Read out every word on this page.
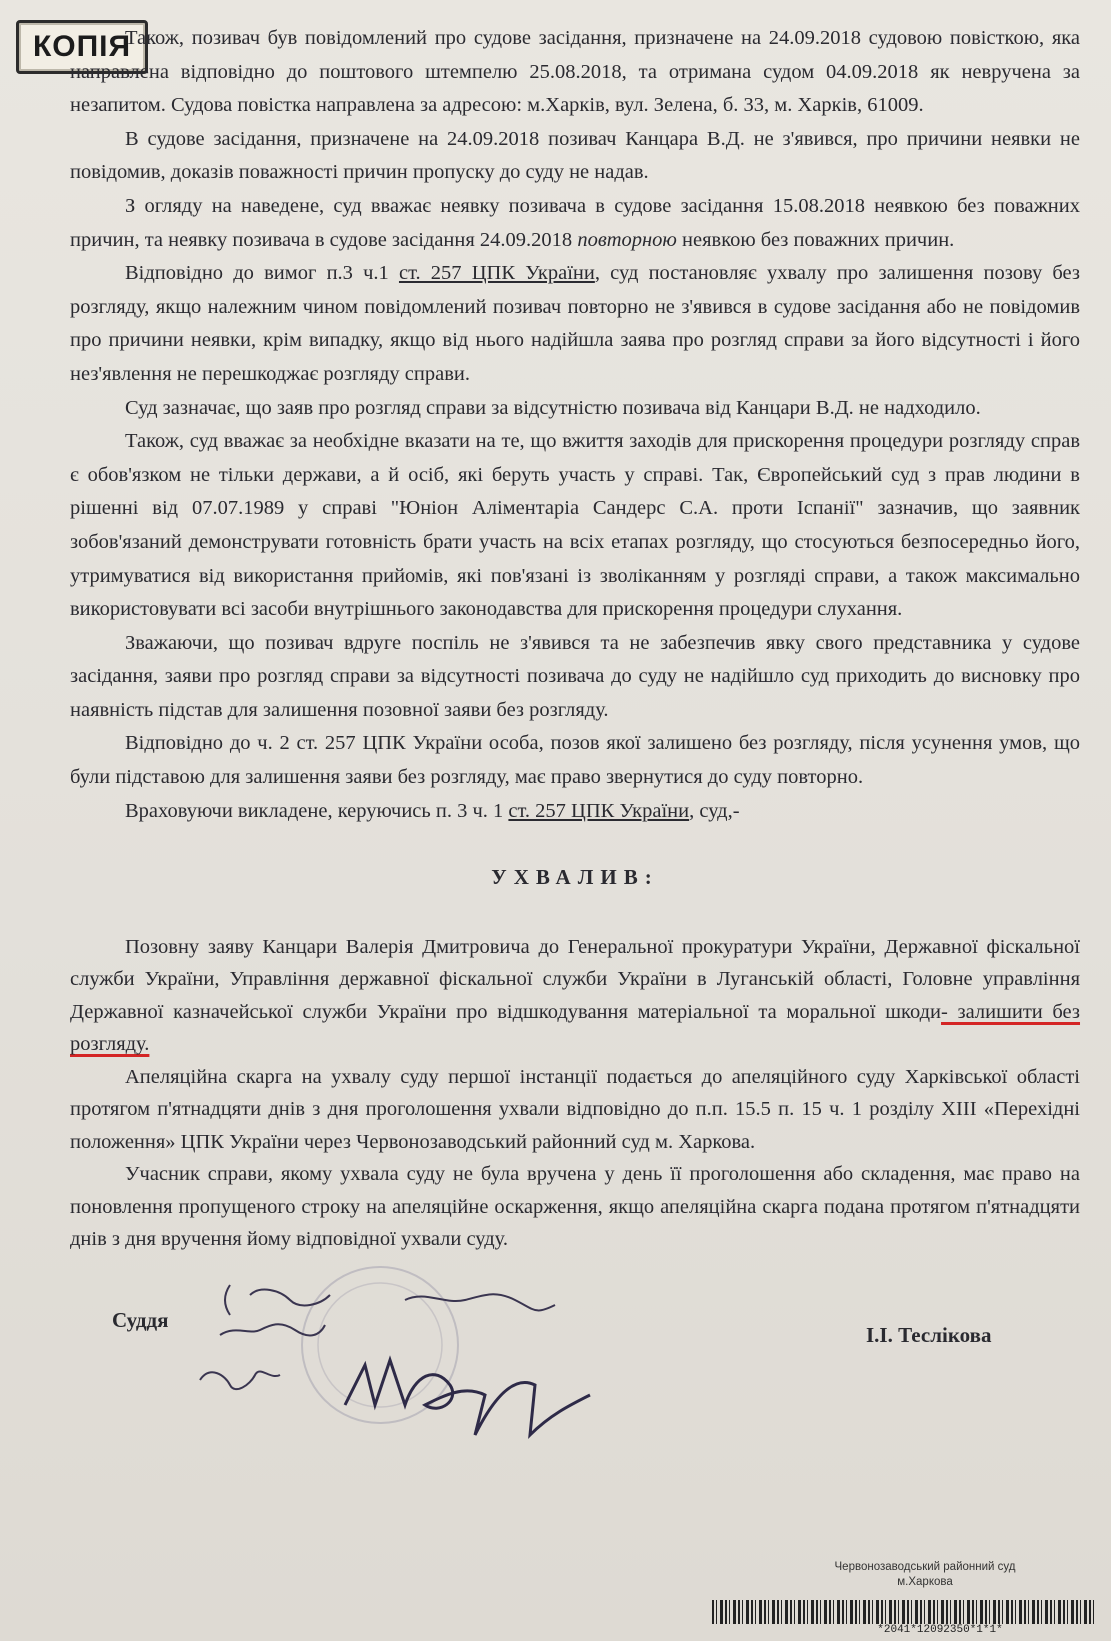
КОПІЯ

Також, позивач був повідомлений про судове засідання, призначене на 24.09.2018 судовою повісткою, яка направлена відповідно до поштового штемпелю 25.08.2018, та отримана судом 04.09.2018 як невручена за незапитом. Судова повістка направлена за адресою: м.Харків, вул. Зелена, б. 33, м. Харків, 61009.

В судове засідання, призначене на 24.09.2018 позивач Канцара В.Д. не з'явився, про причини неявки не повідомив, доказів поважності причин пропуску до суду не надав.

З огляду на наведене, суд вважає неявку позивача в судове засідання 15.08.2018 неявкою без поважних причин, та неявку позивача в судове засідання 24.09.2018 повторною неявкою без поважних причин.

Відповідно до вимог п.3 ч.1 ст. 257 ЦПК України, суд постановляє ухвалу про залишення позову без розгляду, якщо належним чином повідомлений позивач повторно не з'явився в судове засідання або не повідомив про причини неявки, крім випадку, якщо від нього надійшла заява про розгляд справи за його відсутності і його нез'явлення не перешкоджає розгляду справи.

Суд зазначає, що заяв про розгляд справи за відсутністю позивача від Канцари В.Д. не надходило.

Також, суд вважає за необхідне вказати на те, що вжиття заходів для прискорення процедури розгляду справ є обов'язком не тільки держави, а й осіб, які беруть участь у справі. Так, Європейський суд з прав людини в рішенні від 07.07.1989 у справі "Юніон Аліментаріа Сандерс С.А. проти Іспанії" зазначив, що заявник зобов'язаний демонструвати готовність брати участь на всіх етапах розгляду, що стосуються безпосередньо його, утримуватися від використання прийомів, які пов'язані із зволіканням у розгляді справи, а також максимально використовувати всі засоби внутрішнього законодавства для прискорення процедури слухання.

Зважаючи, що позивач вдруге поспіль не з'явився та не забезпечив явку свого представника у судове засідання, заяви про розгляд справи за відсутності позивача до суду не надійшло суд приходить до висновку про наявність підстав для залишення позовної заяви без розгляду.

Відповідно до ч. 2 ст. 257 ЦПК України особа, позов якої залишено без розгляду, після усунення умов, що були підставою для залишення заяви без розгляду, має право звернутися до суду повторно.

Враховуючи викладене, керуючись п. 3 ч. 1 ст. 257 ЦПК України, суд,-

УХВАЛИВ:

Позовну заяву Канцари Валерія Дмитровича до Генеральної прокуратури України, Державної фіскальної служби України, Управління державної фіскальної служби України в Луганській області, Головне управління Державної казначейської служби України про відшкодування матеріальної та моральної шкоди- залишити без розгляду.

Апеляційна скарга на ухвалу суду першої інстанції подається до апеляційного суду Харківської області протягом п'ятнадцяти днів з дня проголошення ухвали відповідно до п.п. 15.5 п. 15 ч. 1 розділу XIII «Перехідні положення» ЦПК України через Червонозаводський районний суд м. Харкова.

Учасник справи, якому ухвала суду не була вручена у день її проголошення або складення, має право на поновлення пропущеного строку на апеляційне оскарження, якщо апеляційна скарга подана протягом п'ятнадцяти днів з дня вручення йому відповідної ухвали суду.

Суддя
І.І. Теслікова
Червонозаводський районний суд
м.Харкова
*2041*12092350*1*1*
